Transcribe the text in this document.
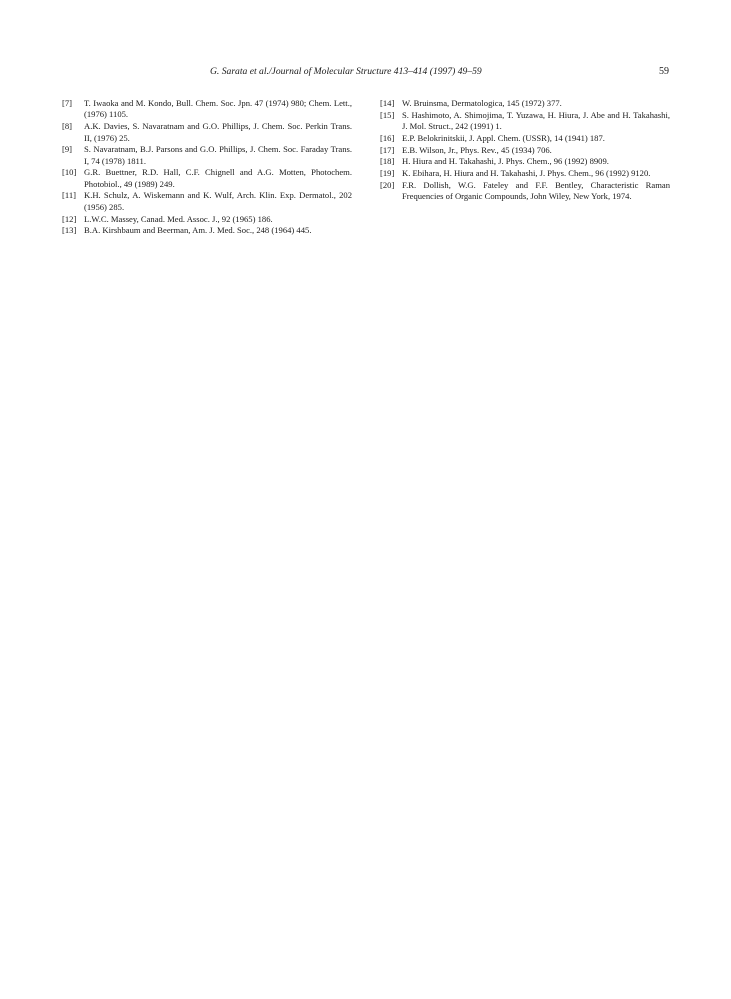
G. Sarata et al./Journal of Molecular Structure 413–414 (1997) 49–59	59
[7]	T. Iwaoka and M. Kondo, Bull. Chem. Soc. Jpn. 47 (1974) 980; Chem. Lett., (1976) 1105.
[8]	A.K. Davies, S. Navaratnam and G.O. Phillips, J. Chem. Soc. Perkin Trans. II, (1976) 25.
[9]	S. Navaratnam, B.J. Parsons and G.O. Phillips, J. Chem. Soc. Faraday Trans. I, 74 (1978) 1811.
[10] G.R. Buettner, R.D. Hall, C.F. Chignell and A.G. Motten, Photochem. Photobiol., 49 (1989) 249.
[11] K.H. Schulz, A. Wiskemann and K. Wulf, Arch. Klin. Exp. Dermatol., 202 (1956) 285.
[12] L.W.C. Massey, Canad. Med. Assoc. J., 92 (1965) 186.
[13] B.A. Kirshbaum and Beerman, Am. J. Med. Soc., 248 (1964) 445.
[14] W. Bruinsma, Dermatologica, 145 (1972) 377.
[15] S. Hashimoto, A. Shimojima, T. Yuzawa, H. Hiura, J. Abe and H. Takahashi, J. Mol. Struct., 242 (1991) 1.
[16] E.P. Belokrinitskii, J. Appl. Chem. (USSR), 14 (1941) 187.
[17] E.B. Wilson, Jr., Phys. Rev., 45 (1934) 706.
[18] H. Hiura and H. Takahashi, J. Phys. Chem., 96 (1992) 8909.
[19] K. Ebihara, H. Hiura and H. Takahashi, J. Phys. Chem., 96 (1992) 9120.
[20] F.R. Dollish, W.G. Fateley and F.F. Bentley, Characteristic Raman Frequencies of Organic Compounds, John Wiley, New York, 1974.
